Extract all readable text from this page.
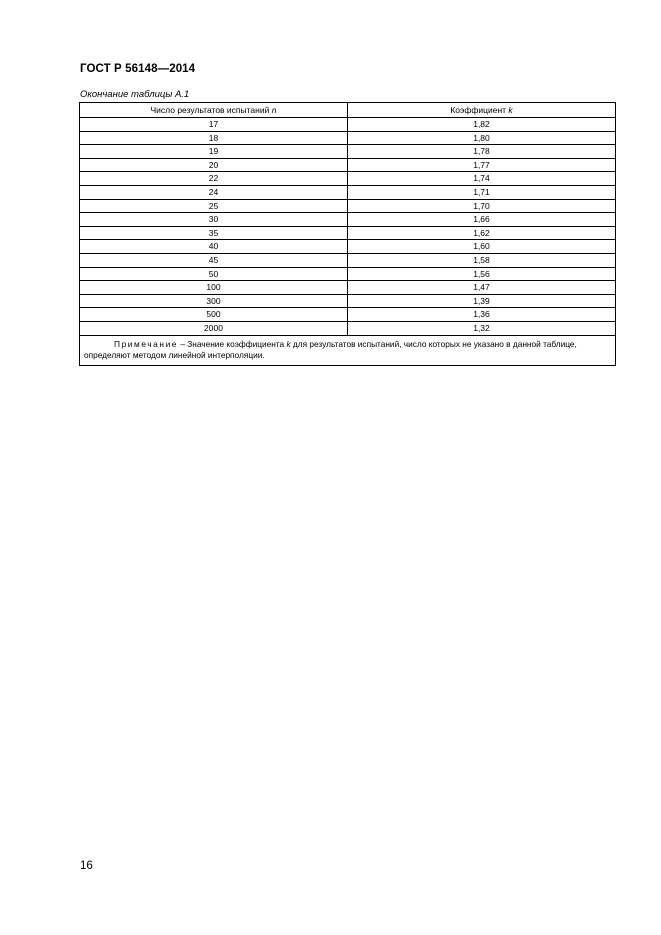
ГОСТ Р 56148—2014
Окончание таблицы А.1
Число результатов испытаний n	Коэффициент k
17	1,82
18	1,80
19	1,78
20	1,77
22	1,74
24	1,71
25	1,70
30	1,66
35	1,62
40	1,60
45	1,58
50	1,56
100	1,47
300	1,39
500	1,36
2000	1,32
Примечание – Значение коэффициента k для результатов испытаний, число которых не указано в данной таблице, определяют методом линейной интерполяции.	
16
